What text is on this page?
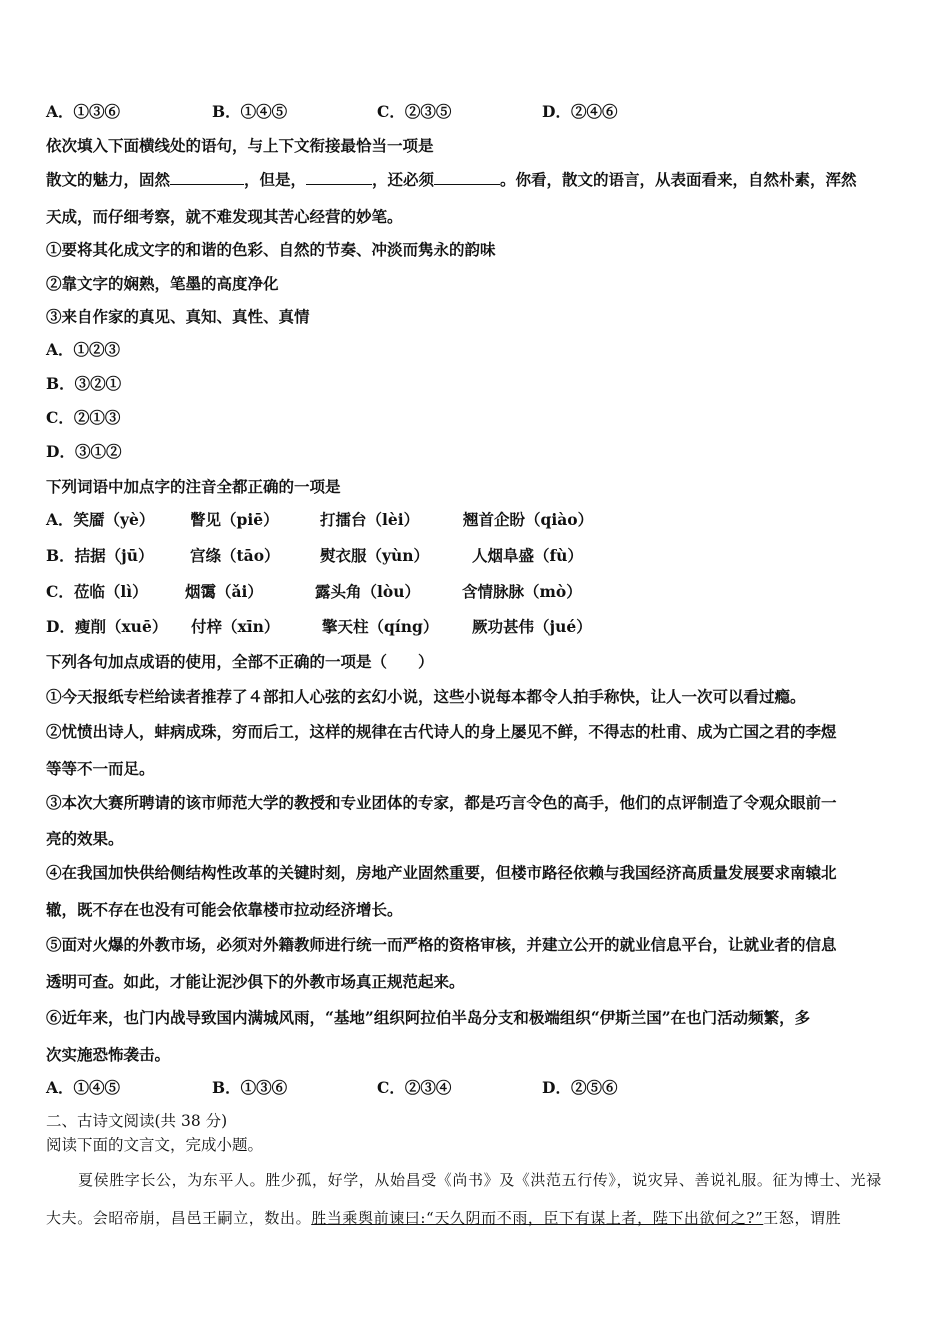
A．①③⑥	B．①④⑤	C．②③⑤	D．②④⑥
依次填入下面横线处的语句，与上下文衔接最恰当一项是
散文的魅力，固然	，但是，	，还必须	。你看，散文的语言，从表面看来，自然朴素，浑然
天成，而仔细考察，就不难发现其苦心经营的妙笔。
①要将其化成文字的和谐的色彩、自然的节奏、冲淡而隽永的韵味
②靠文字的娴熟，笔墨的高度净化
③来自作家的真见、真知、真性、真情
A．①②③
B．③②①
C．②①③
D．③①②
下列词语中加点字的注音全都正确的一项是
A．笑靥（yè） 瞥见（piē）	打擂台（lèi）	翘首企盼（qiào）
B．拮据（jū） 宫绦（tāo）	熨衣服（yùn）	人烟阜盛（fù）
C．莅临（lì） 烟霭（ǎi）	露头角（lòu）	含情脉脉（mò）
D．瘦削（xuē） 付梓（xīn）	擎天柱（qíng） 厥功甚伟（jué）
下列各句加点成语的使用，全部不正确的一项是（　　）
①今天报纸专栏给读者推荐了４部扣人心弦的玄幻小说，这些小说每本都令人拍手称快，让人一次可以看过瘾。
②忧愤出诗人，蚌病成珠，穷而后工，这样的规律在古代诗人的身上屡见不鲜，不得志的杜甫、成为亡国之君的李煜
等等不一而足。
③本次大赛所聘请的该市师范大学的教授和专业团体的专家，都是巧言令色的高手，他们的点评制造了令观众眼前一
亮的效果。
④在我国加快供给侧结构性改革的关键时刻，房地产业固然重要，但楼市路径依赖与我国经济高质量发展要求南辕北
辙，既不存在也没有可能会依靠楼市拉动经济增长。
⑤面对火爆的外教市场，必须对外籍教师进行统一而严格的资格审核，并建立公开的就业信息平台，让就业者的信息
透明可查。如此，才能让泥沙俱下的外教市场真正规范起来。
⑥近年来，也门内战导致国内满城风雨，“基地”组织阿拉伯半岛分支和极端组织“伊斯兰国”在也门活动频繁，多
次实施恐怖袭击。
A．①④⑤	B．①③⑥	C．②③④	D．②⑤⑥
二、古诗文阅读(共 38 分)
阅读下面的文言文，完成小题。
夏侯胜字长公，为东平人。胜少孤，好学，从始昌受《尚书》及《洪范五行传》，说灾异、善说礼服。征为博士、光禄
大夫。会昭帝崩，昌邑王嗣立，数出。胜当乘舆前谏曰:“天久阴而不雨，臣下有谋上者，陛下出欲何之?”王怒，谓胜
